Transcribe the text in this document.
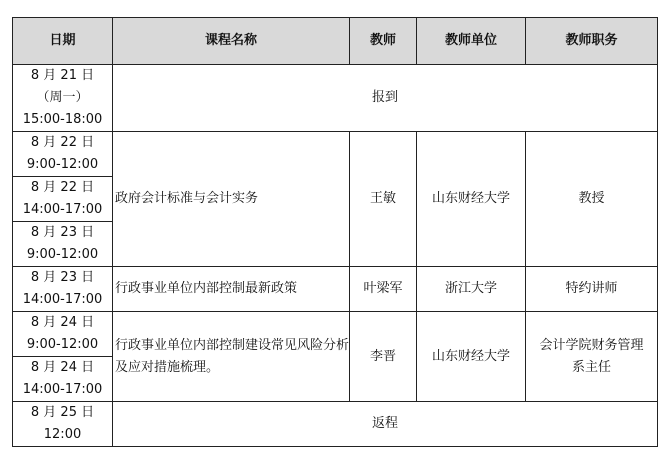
日期	课程名称	教师	教师单位	教师职务

8 月 21 日
（周一）
15:00-18:00	报到			

8 月 22 日
9:00-12:00	政府会计标准与会计实务	王敏	山东财经大学	教授

8 月 22 日
14:00-17:00				

8 月 23 日
9:00-12:00				

8 月 23 日
14:00-17:00	行政事业单位内部控制最新政策	叶梁军	浙江大学	特约讲师

8 月 24 日
9:00-12:00	行政事业单位内部控制建设常见风险分析及应对措施梳理。	李晋	山东财经大学	会计学院财务管理系主任

8 月 24 日
14:00-17:00				

8 月 25 日
12:00	返程			
